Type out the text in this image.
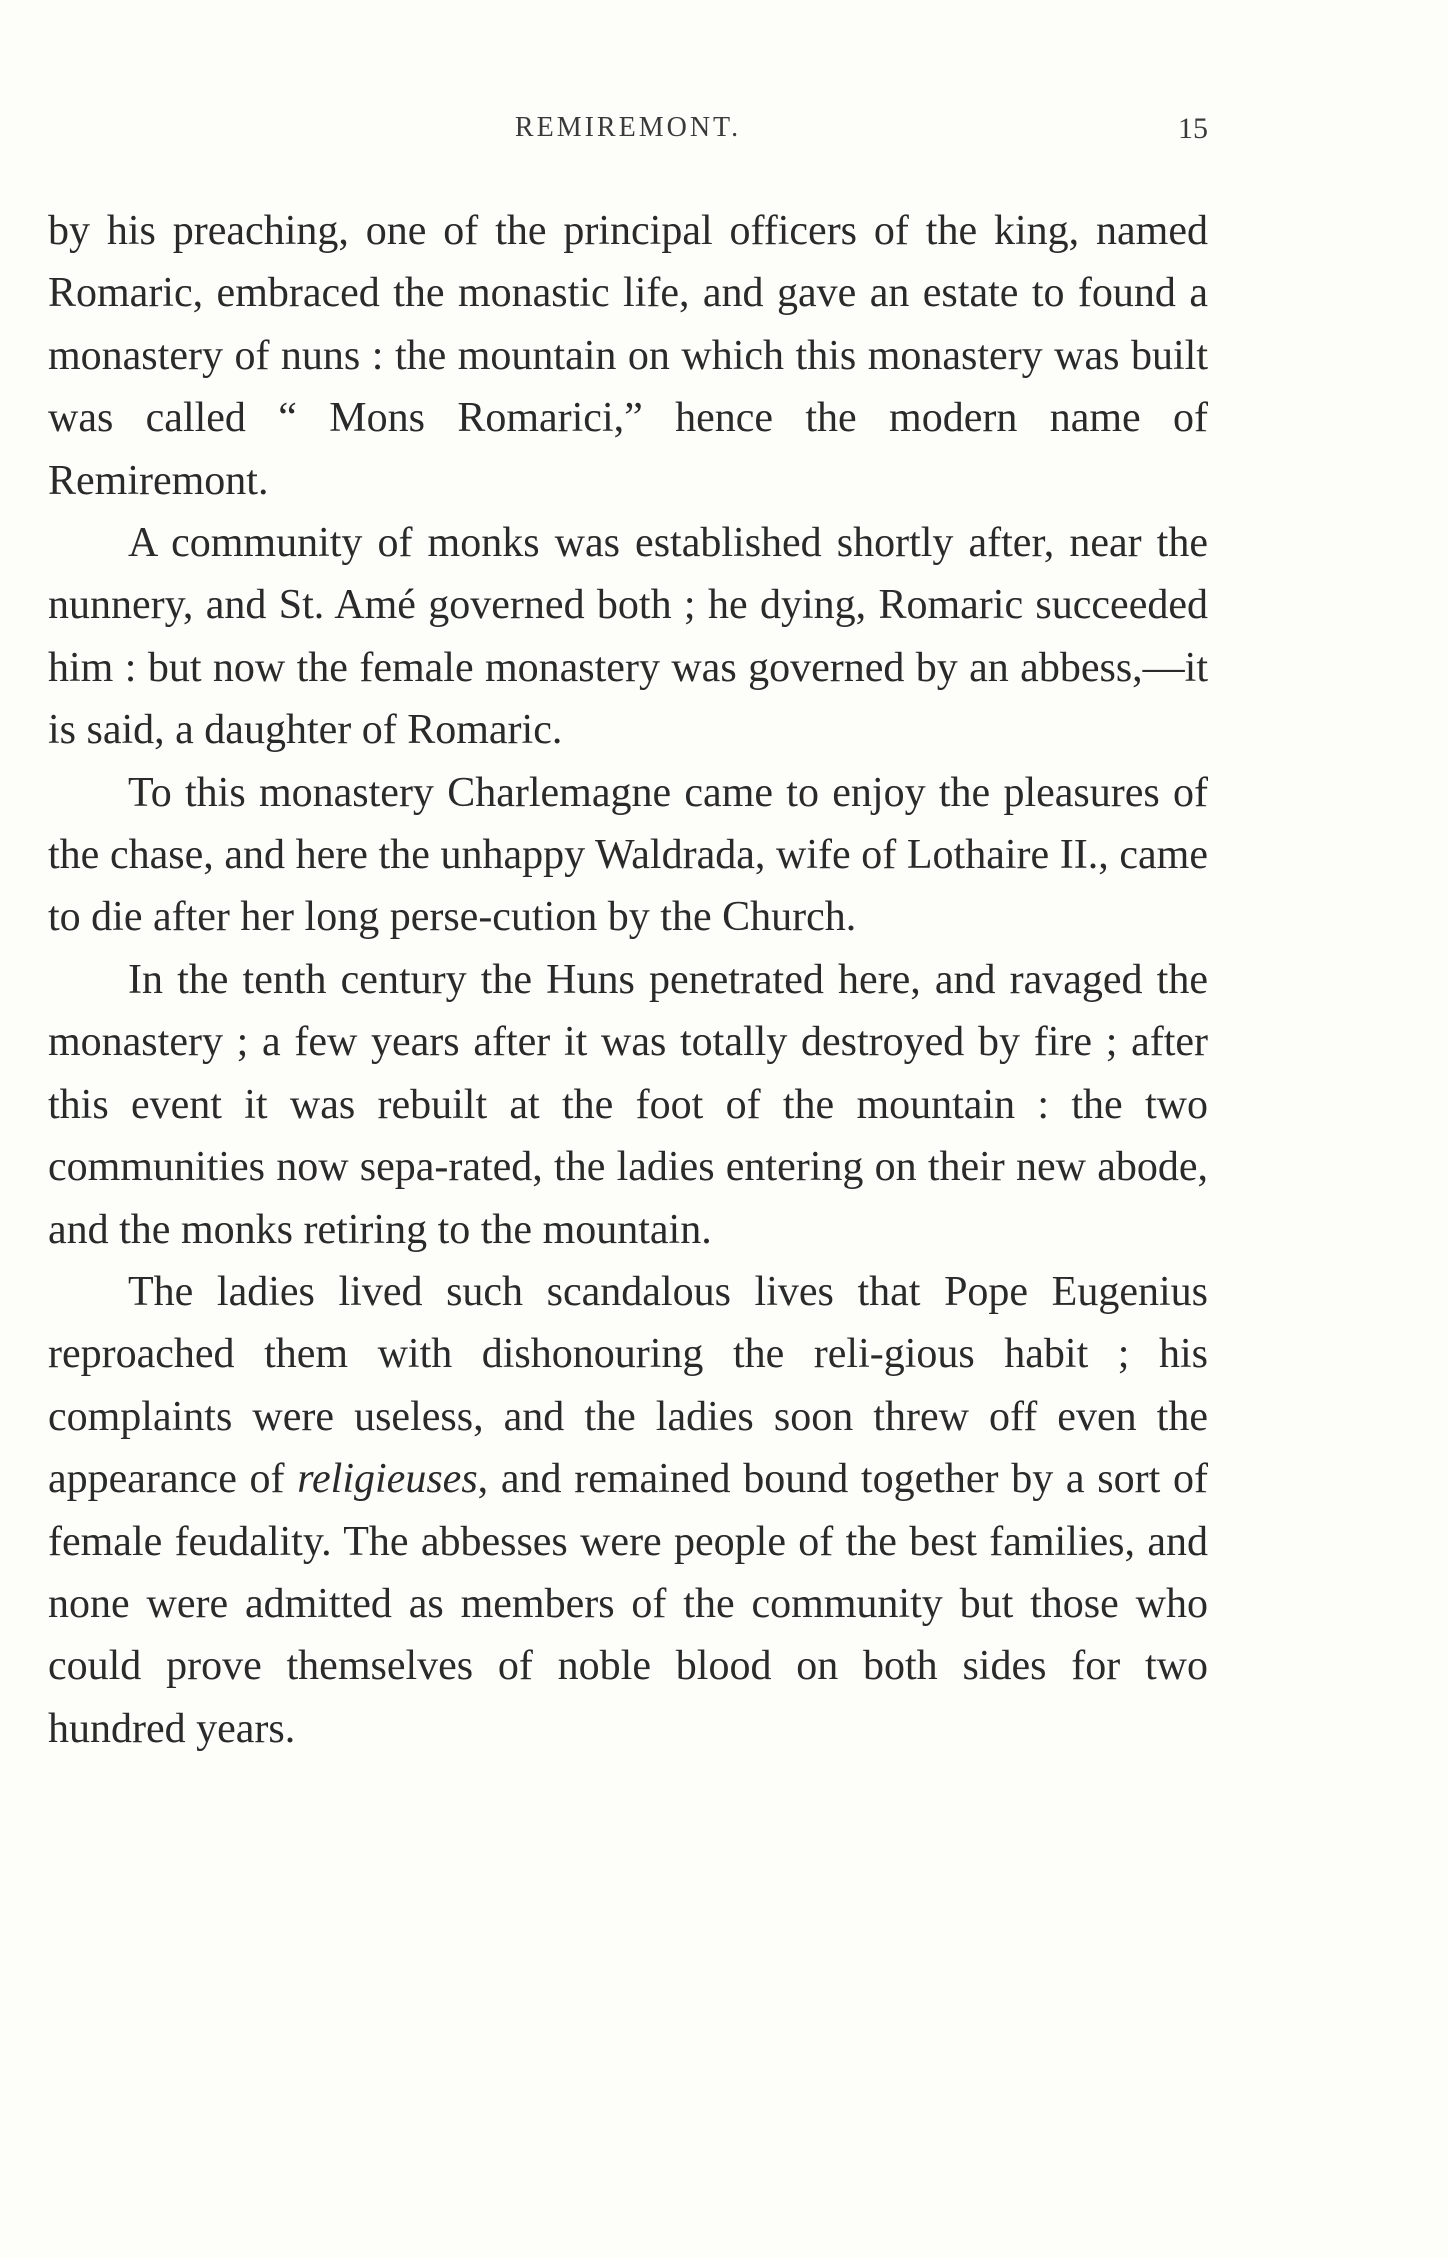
REMIREMONT.	15

by his preaching, one of the principal officers of the king, named Romaric, embraced the monastic life, and gave an estate to found a monastery of nuns : the mountain on which this monastery was built was called “ Mons Romarici,” hence the modern name of Remiremont.

A community of monks was established shortly after, near the nunnery, and St. Amé governed both ; he dying, Romaric succeeded him : but now the female monastery was governed by an abbess,—it is said, a daughter of Romaric.

To this monastery Charlemagne came to enjoy the pleasures of the chase, and here the unhappy Waldrada, wife of Lothaire II., came to die after her long perse-cution by the Church.

In the tenth century the Huns penetrated here, and ravaged the monastery ; a few years after it was totally destroyed by fire ; after this event it was rebuilt at the foot of the mountain : the two communities now sepa-rated, the ladies entering on their new abode, and the monks retiring to the mountain.

The ladies lived such scandalous lives that Pope Eugenius reproached them with dishonouring the reli-gious habit ; his complaints were useless, and the ladies soon threw off even the appearance of religieuses, and remained bound together by a sort of female feudality. The abbesses were people of the best families, and none were admitted as members of the community but those who could prove themselves of noble blood on both sides for two hundred years.
